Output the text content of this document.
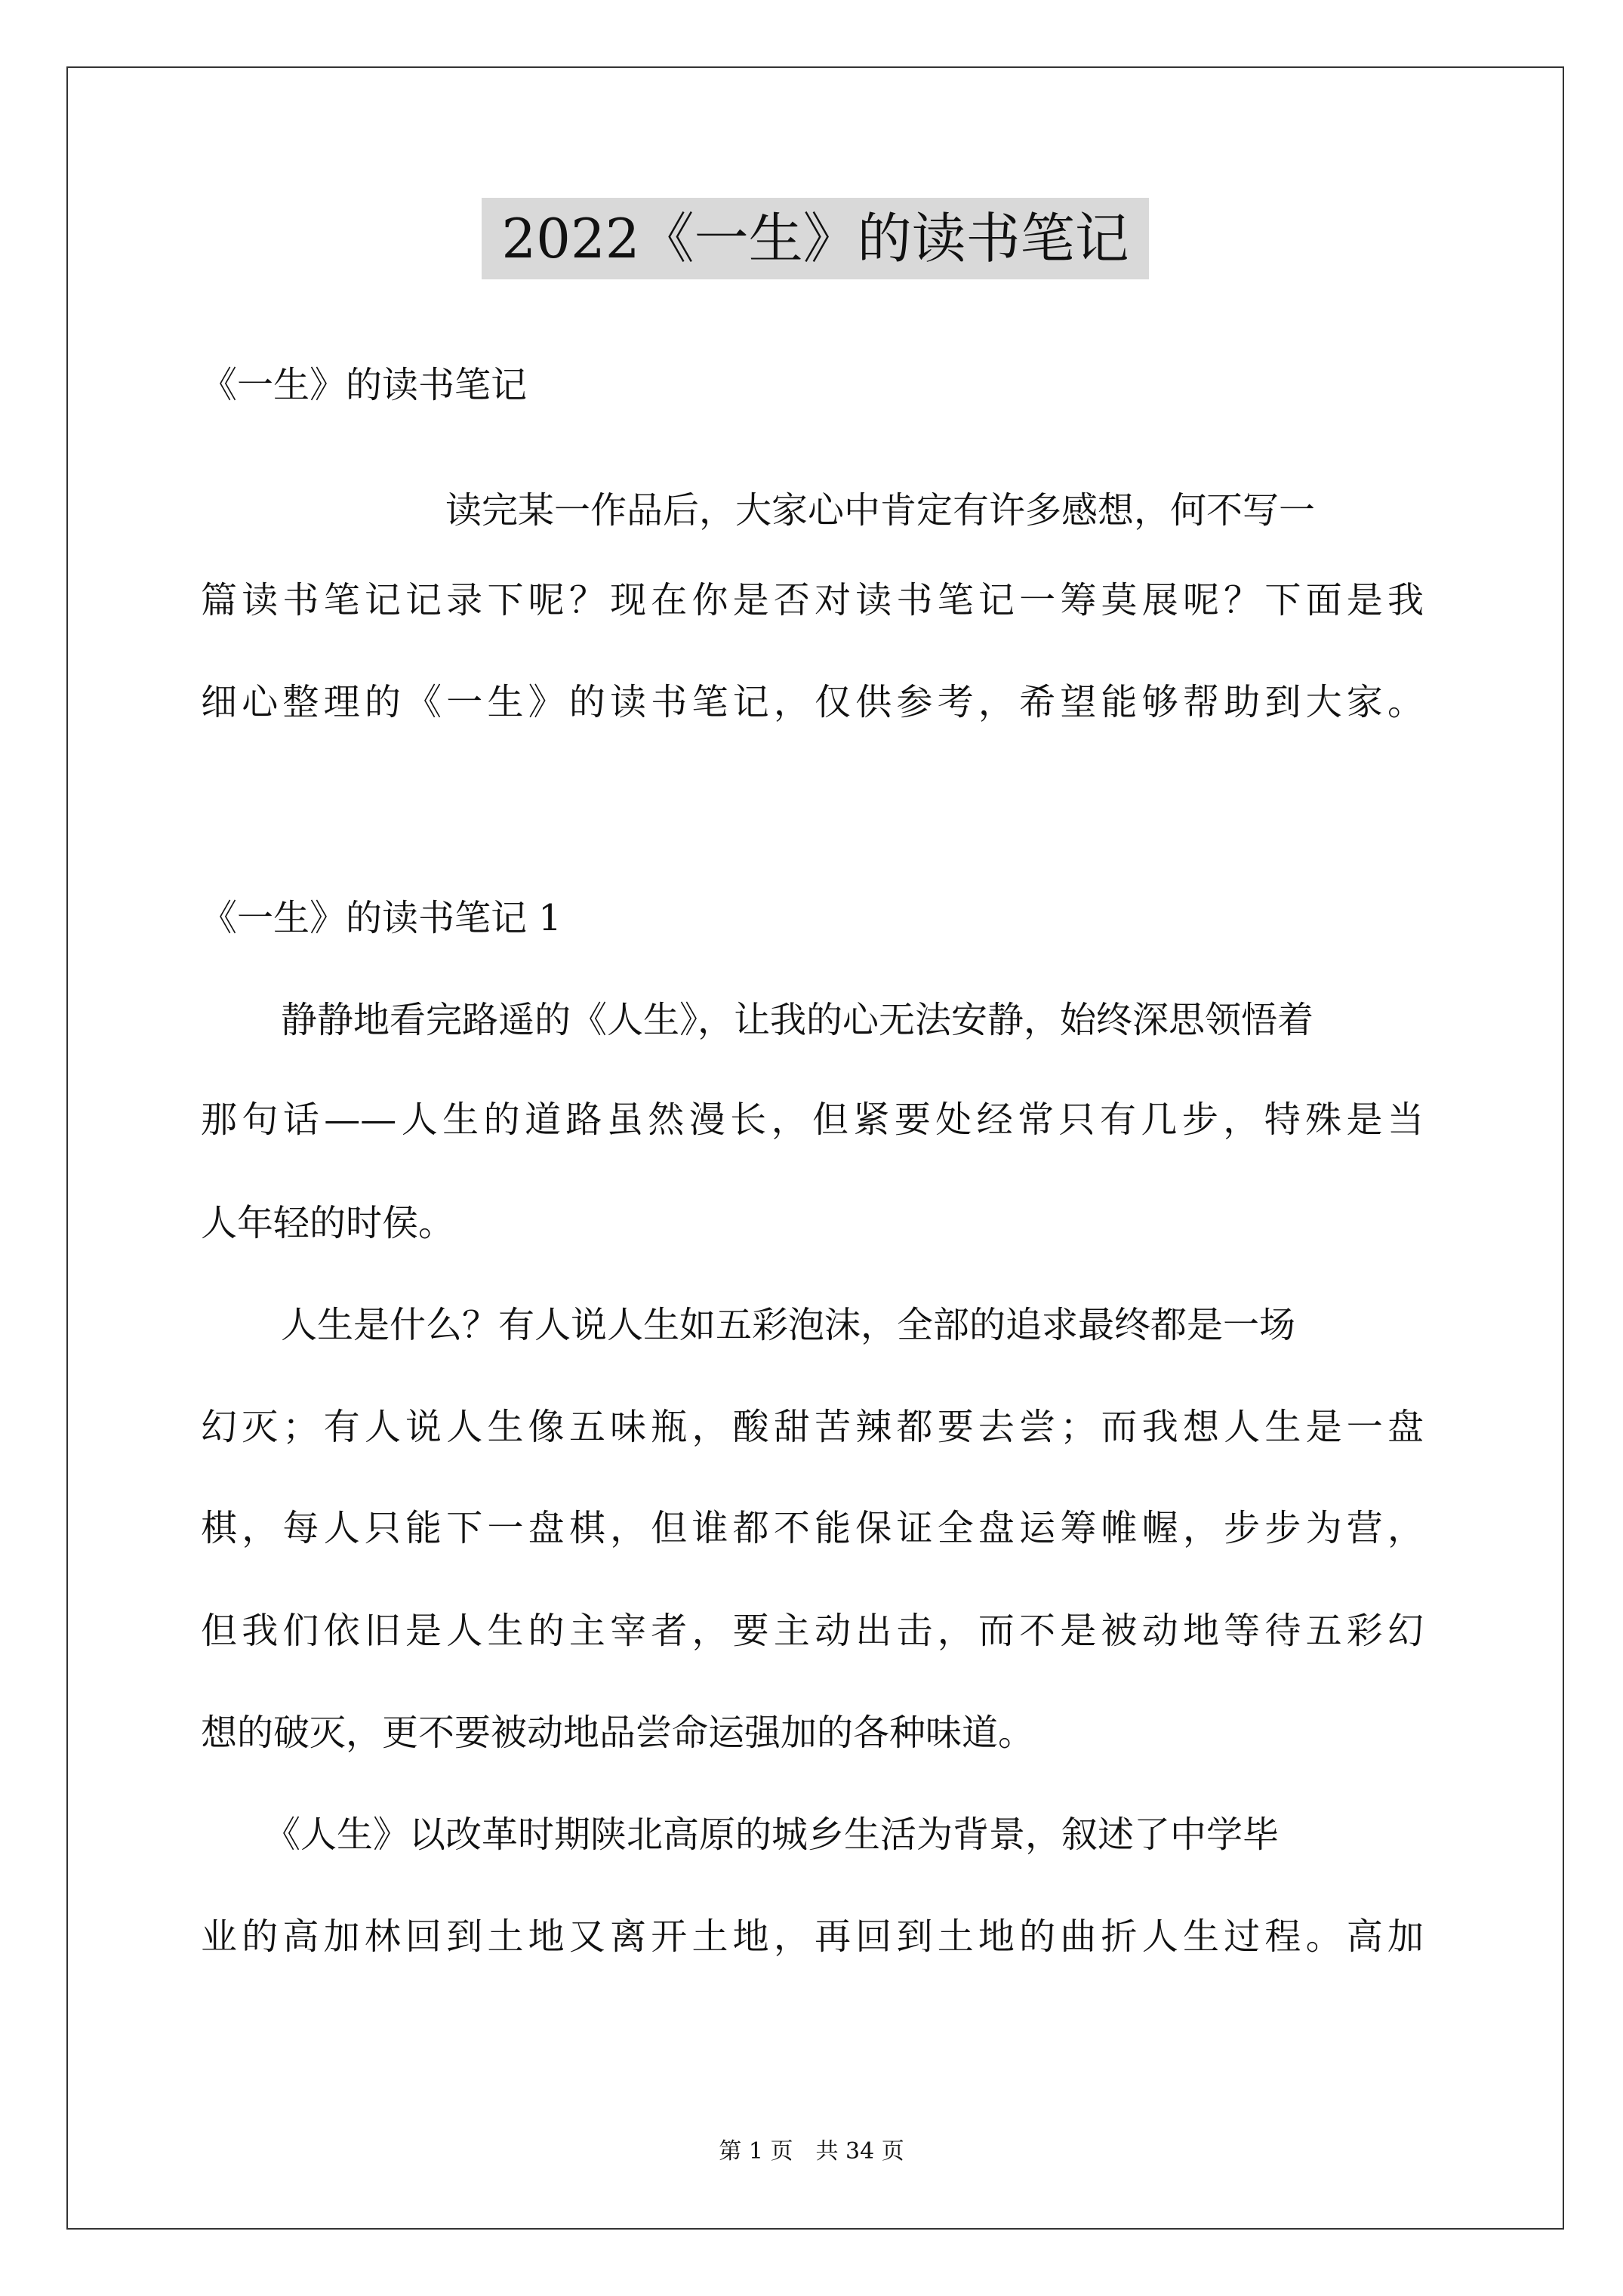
2022《一生》的读书笔记
《一生》的读书笔记
读完某一作品后，大家心中肯定有许多感想，何不写一
篇读书笔记记录下呢？现在你是否对读书笔记一筹莫展呢？下面是我
细心整理的《一生》的读书笔记，仅供参考，希望能够帮助到大家。
《一生》的读书笔记 1
静静地看完路遥的《人生》，让我的心无法安静，始终深思领悟着
那句话——人生的道路虽然漫长，但紧要处经常只有几步，特殊是当
人年轻的时侯。
人生是什么？有人说人生如五彩泡沫，全部的追求最终都是一场
幻灭；有人说人生像五味瓶，酸甜苦辣都要去尝；而我想人生是一盘
棋，每人只能下一盘棋，但谁都不能保证全盘运筹帷幄，步步为营，
但我们依旧是人生的主宰者，要主动出击，而不是被动地等待五彩幻
想的破灭，更不要被动地品尝命运强加的各种味道。
《人生》以改革时期陕北高原的城乡生活为背景，叙述了中学毕
业的高加林回到土地又离开土地，再回到土地的曲折人生过程。高加
第 1 页　共 34 页
